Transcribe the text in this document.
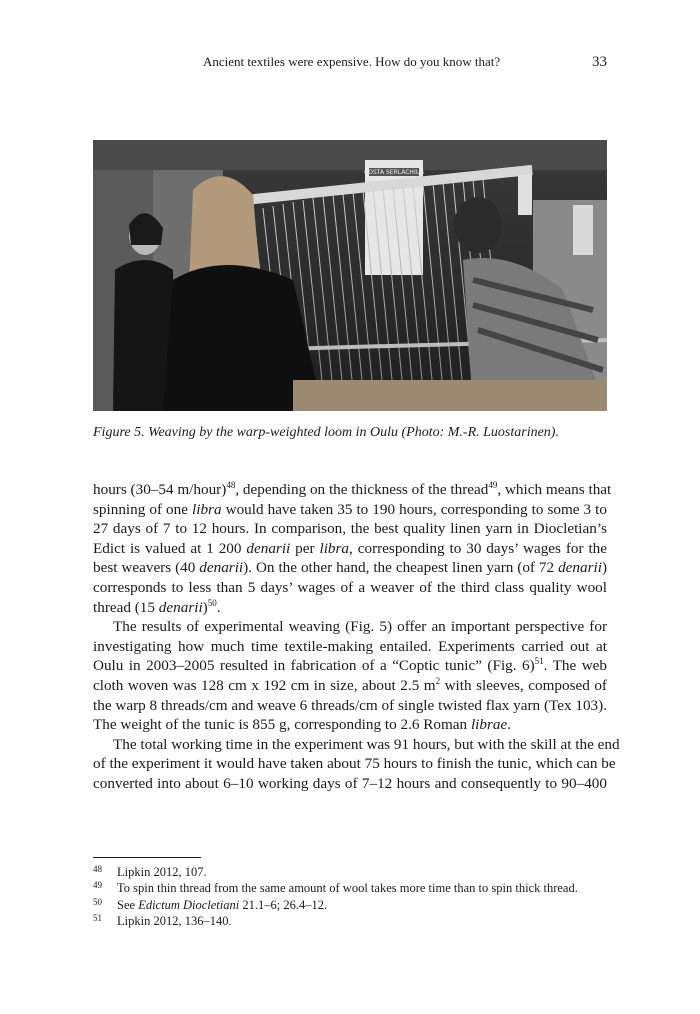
Ancient textiles were expensive. How do you know that?	33
COSTA SERLACHIUS
Figure 5. Weaving by the warp-weighted loom in Oulu (Photo: M.-R. Luostarinen).

hours (30–54 m/hour)$^{48}$, depending on the thickness of the thread$^{49}$, which means that
spinning of one libra would have taken 35 to 190 hours, corresponding to some 3 to
27 days of 7 to 12 hours. In comparison, the best quality linen yarn in Diocletian’s
Edict is valued at 1 200 denarii per libra, corresponding to 30 days’ wages for the
best weavers (40 denarii). On the other hand, the cheapest linen yarn (of 72 denarii)
corresponds to less than 5 days’ wages of a weaver of the third class quality wool
thread (15 denarii)$^{50}$.

The results of experimental weaving (Fig. 5) offer an important perspective for
investigating how much time textile-making entailed. Experiments carried out at
Oulu in 2003–2005 resulted in fabrication of a “Coptic tunic” (Fig. 6)$^{51}$. The web
cloth woven was 128 cm x 192 cm in size, about 2.5 $m^2$ with sleeves, composed of
the warp 8 threads/cm and weave 6 threads/cm of single twisted flax yarn (Tex 103).
The weight of the tunic is 855 g, corresponding to 2.6 Roman librae.

The total working time in the experiment was 91 hours, but with the skill at the end
of the experiment it would have taken about 75 hours to finish the tunic, which can be
converted into about 6–10 working days of 7–12 hours and consequently to 90–400

48 Lipkin 2012, 107.
49 To spin thin thread from the same amount of wool takes more time than to spin thick thread.
50 See Edictum Diocletiani 21.1–6; 26.4–12.
51 Lipkin 2012, 136–140.
